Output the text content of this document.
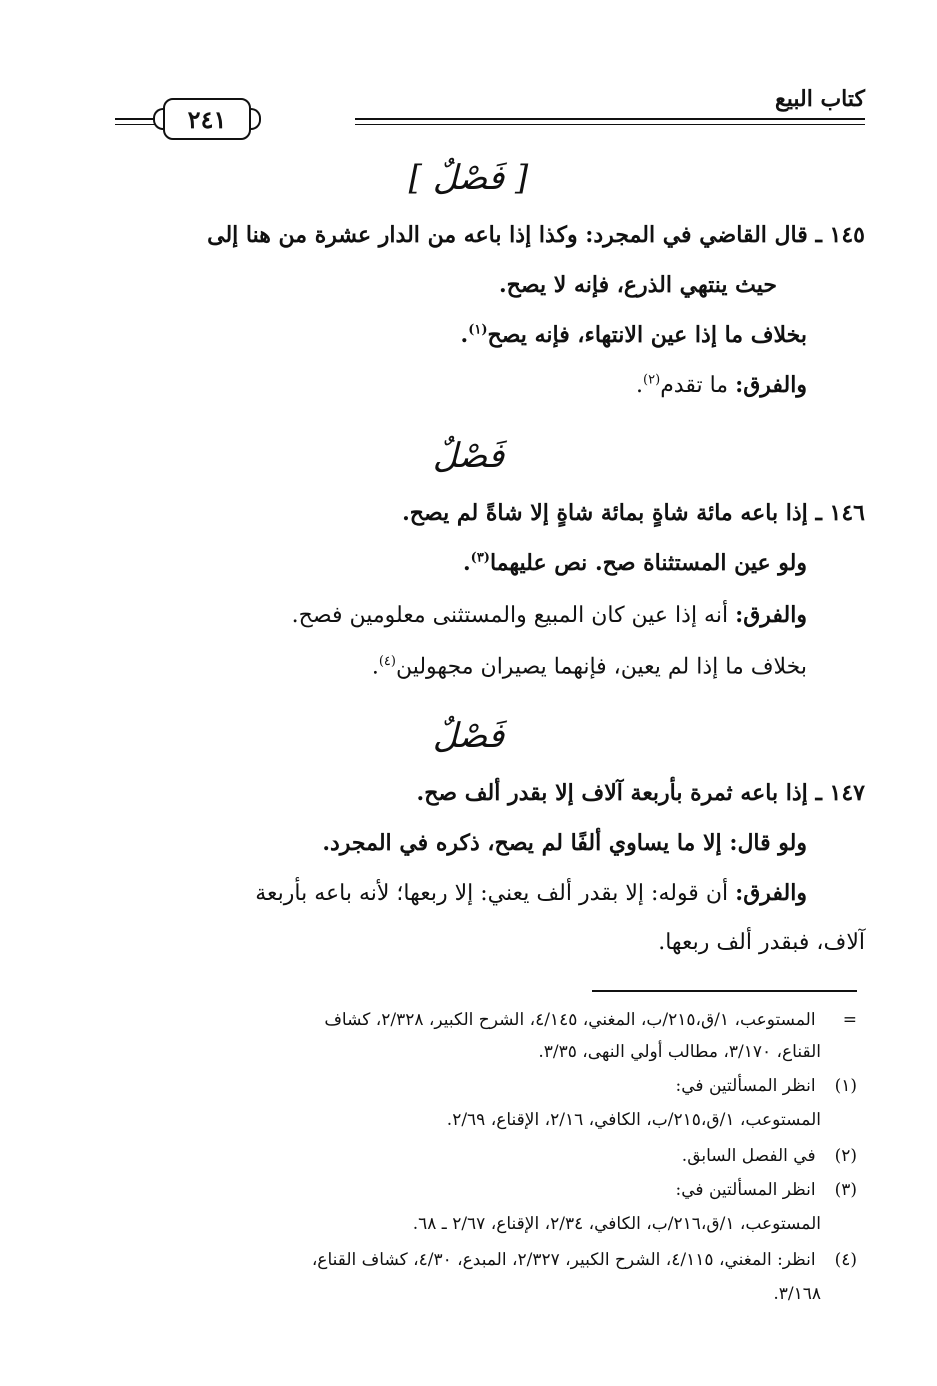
كتاب البيع
٢٤١
[ فَصْلٌ ]
١٤٥ ـ قال القاضي في المجرد: وكذا إذا باعه من الدار عشرة من هنا إلى
حيث ينتهي الذرع، فإنه لا يصح.
بخلاف ما إذا عين الانتهاء، فإنه يصح$^{(١)}$.
والفرق: ما تقدم$^{(٢)}$.
فَصْلٌ
١٤٦ ـ إذا باعه مائة شاةٍ بمائة شاةٍ إلا شاةً لم يصح.
ولو عين المستثناة صح. نص عليهما$^{(٣)}$.
والفرق: أنه إذا عين كان المبيع والمستثنى معلومين فصح.
بخلاف ما إذا لم يعين، فإنهما يصيران مجهولين$^{(٤)}$.
فَصْلٌ
١٤٧ ـ إذا باعه ثمرة بأربعة آلاف إلا بقدر ألف صح.
ولو قال: إلا ما يساوي ألفًا لم يصح، ذكره في المجرد.
والفرق: أن قوله: إلا بقدر ألف يعني: إلا ربعها؛ لأنه باعه بأربعة
آلاف، فبقدر ألف ربعها.
= المستوعب، ١/ق،٢١٥/ب، المغني، ٤/١٤٥، الشرح الكبير، ٢/٣٢٨، كشاف
القناع، ٣/١٧٠، مطالب أولي النهى، ٣/٣٥.
(١) انظر المسألتين في:
المستوعب، ١/ق،٢١٥/ب، الكافي، ٢/١٦، الإقناع، ٢/٦٩.
(٢) في الفصل السابق.
(٣) انظر المسألتين في:
المستوعب، ١/ق،٢١٦/ب، الكافي، ٢/٣٤، الإقناع، ٢/٦٧ ـ ٦٨.
(٤) انظر: المغني، ٤/١١٥، الشرح الكبير، ٢/٣٢٧، المبدع، ٤/٣٠، كشاف القناع،
٣/١٦٨.
